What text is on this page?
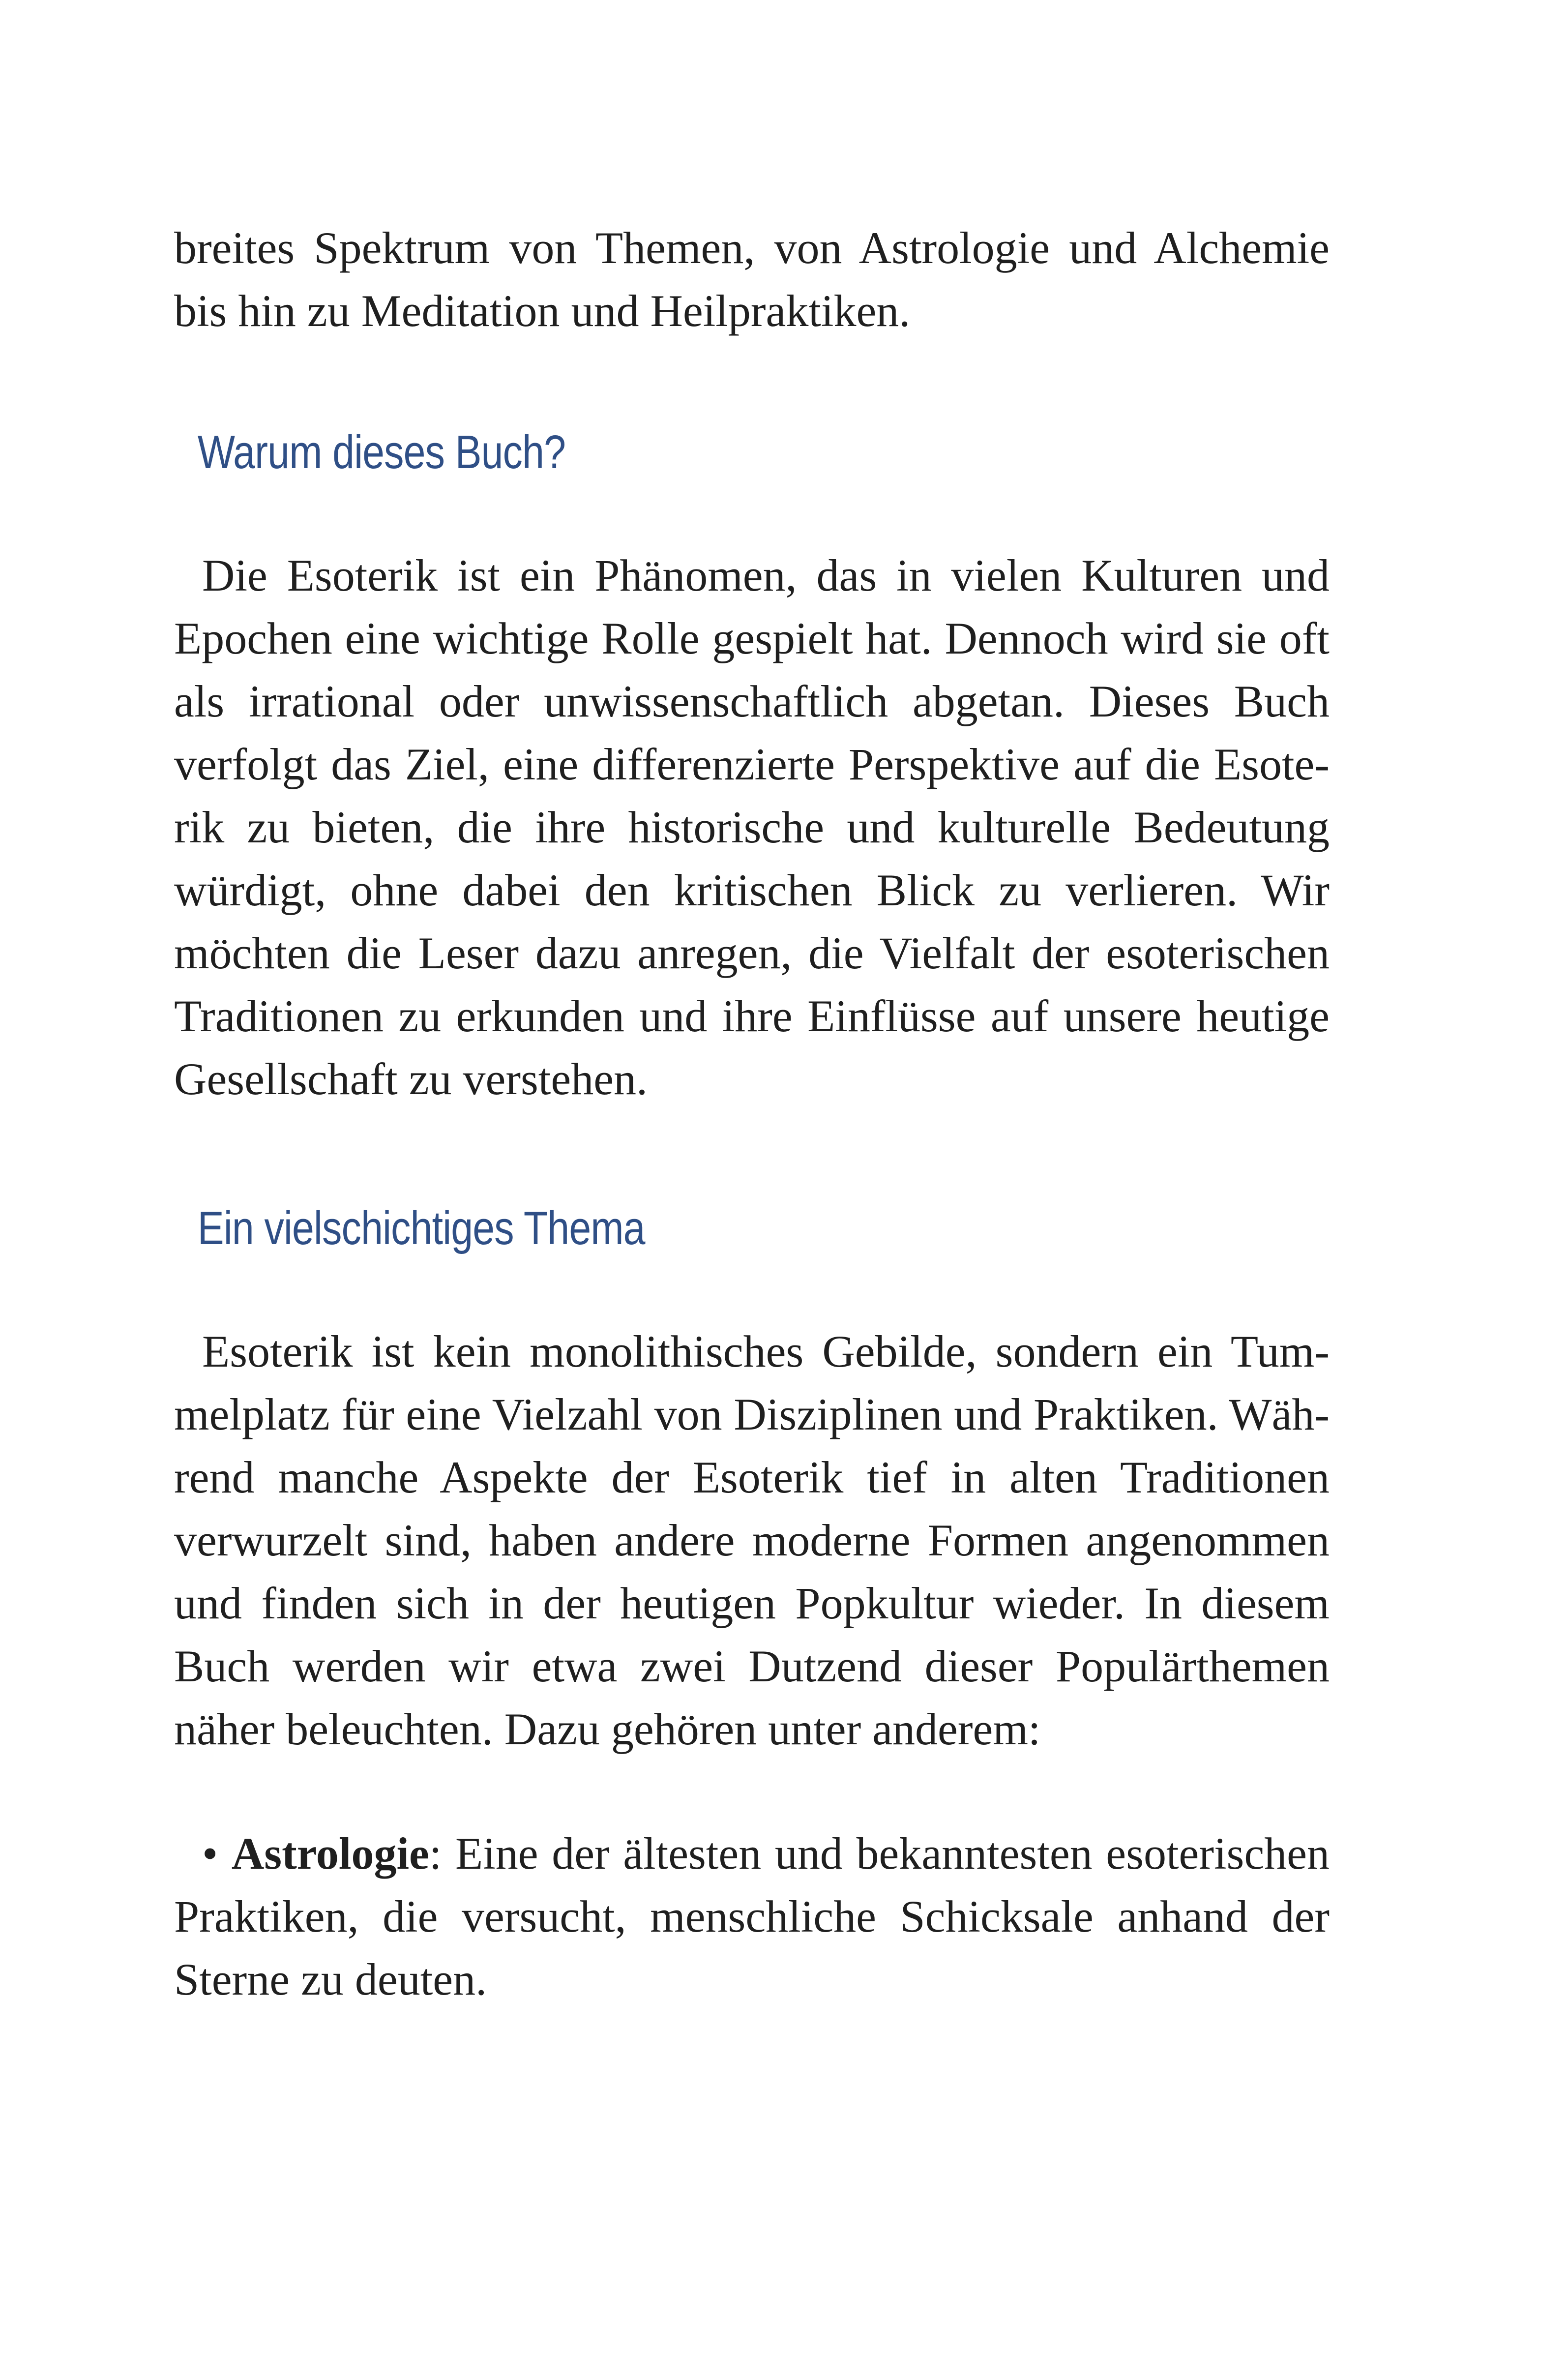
breites Spektrum von Themen, von Astrologie und Alchemie bis hin zu Meditation und Heilpraktiken.

Warum dieses Buch?

Die Esoterik ist ein Phänomen, das in vielen Kulturen und Epochen eine wichtige Rolle gespielt hat. Dennoch wird sie oft als irrational oder unwissenschaftlich abgetan. Dieses Buch verfolgt das Ziel, eine differenzierte Perspektive auf die Esoterik zu bieten, die ihre historische und kulturelle Bedeutung würdigt, ohne dabei den kritischen Blick zu verlieren. Wir möchten die Leser dazu anregen, die Vielfalt der esoterischen Traditionen zu erkunden und ihre Einflüsse auf unsere heutige Gesellschaft zu verstehen.

Ein vielschichtiges Thema

Esoterik ist kein monolithisches Gebilde, sondern ein Tummelplatz für eine Vielzahl von Disziplinen und Praktiken. Während manche Aspekte der Esoterik tief in alten Traditionen verwurzelt sind, haben andere moderne Formen angenommen und finden sich in der heutigen Popkultur wieder. In diesem Buch werden wir etwa zwei Dutzend dieser Populärthemen näher beleuchten. Dazu gehören unter anderem:

• Astrologie: Eine der ältesten und bekanntesten esoterischen Praktiken, die versucht, menschliche Schicksale anhand der Sterne zu deuten.
